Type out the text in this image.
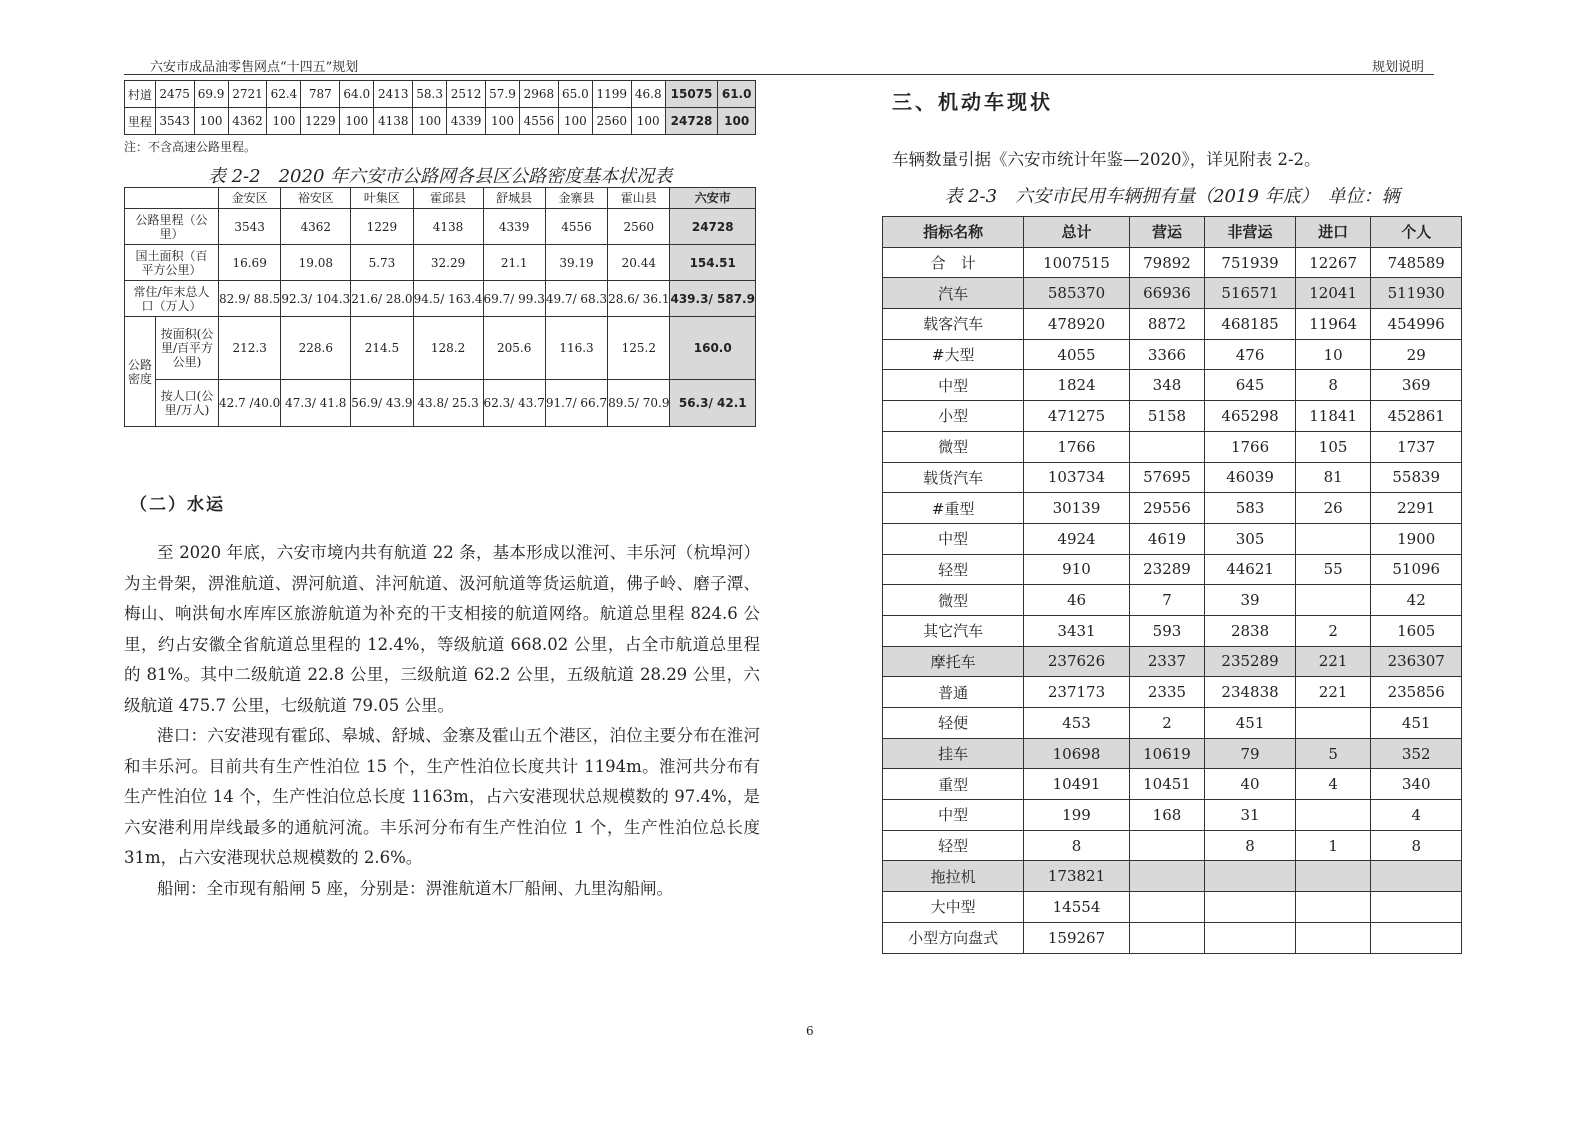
六安市成品油零售网点“十四五”规划	规划说明
村道	2475	69.9	2721	62.4	787	64.0	2413	58.3	2512	57.9	2968	65.0	1199	46.8	15075	61.0
里程	3543	100	4362	100	1229	100	4138	100	4339	100	4556	100	2560	100	24728	100
注：不含高速公路里程。
表 2-2　2020 年六安市公路网各县区公路密度基本状况表
		金安区	裕安区	叶集区	霍邱县	舒城县	金寨县	霍山县	六安市
公路里程（公里）		3543	4362	1229	4138	4339	4556	2560	24728
国土面积（百平方公里）		16.69	19.08	5.73	32.29	21.1	39.19	20.44	154.51
常住/年末总人口（万人）		82.9/ 88.5	92.3/ 104.3	21.6/ 28.0	94.5/ 163.4	69.7/ 99.3	49.7/ 68.3	28.6/ 36.1	439.3/ 587.9
公路密度	按面积(公里/百平方公里)	212.3	228.6	214.5	128.2	205.6	116.3	125.2	160.0
	按人口(公里/万人)	42.7 /40.0	47.3/ 41.8	56.9/ 43.9	43.8/ 25.3	62.3/ 43.7	91.7/ 66.7	89.5/ 70.9	56.3/ 42.1
（二）水运

至 2020 年底，六安市境内共有航道 22 条，基本形成以淮河、丰乐河（杭埠河）为主骨架，淠淮航道、淠河航道、沣河航道、汲河航道等货运航道，佛子岭、磨子潭、梅山、响洪甸水库库区旅游航道为补充的干支相接的航道网络。航道总里程 824.6 公里，约占安徽全省航道总里程的 12.4%，等级航道 668.02 公里，占全市航道总里程的 81%。其中二级航道 22.8 公里，三级航道 62.2 公里，五级航道 28.29 公里，六级航道 475.7 公里，七级航道 79.05 公里。

港口：六安港现有霍邱、皋城、舒城、金寨及霍山五个港区，泊位主要分布在淮河和丰乐河。目前共有生产性泊位 15 个，生产性泊位长度共计 1194m。淮河共分布有生产性泊位 14 个，生产性泊位总长度 1163m，占六安港现状总规模数的 97.4%，是六安港利用岸线最多的通航河流。丰乐河分布有生产性泊位 1 个，生产性泊位总长度 31m，占六安港现状总规模数的 2.6%。

船闸：全市现有船闸 5 座，分别是：淠淮航道木厂船闸、九里沟船闸。

三、机动车现状
车辆数量引据《六安市统计年鉴—2020》，详见附表 2-2。
表 2-3　六安市民用车辆拥有量（2019 年底）　单位：辆
指标名称	总计	营运	非营运	进口	个人
合　计	1007515	79892	751939	12267	748589
汽车	585370	66936	516571	12041	511930
载客汽车	478920	8872	468185	11964	454996
#大型	4055	3366	476	10	29
中型	1824	348	645	8	369
小型	471275	5158	465298	11841	452861
微型	1766		1766	105	1737
载货汽车	103734	57695	46039	81	55839
#重型	30139	29556	583	26	2291
中型	4924	4619	305		1900
轻型	910	23289	44621	55	51096
微型	46	7	39		42
其它汽车	3431	593	2838	2	1605
摩托车	237626	2337	235289	221	236307
普通	237173	2335	234838	221	235856
轻便	453	2	451		451
挂车	10698	10619	79	5	352
重型	10491	10451	40	4	340
中型	199	168	31		4
轻型	8		8	1	8
拖拉机	173821				
大中型	14554				
小型方向盘式	159267				
6
